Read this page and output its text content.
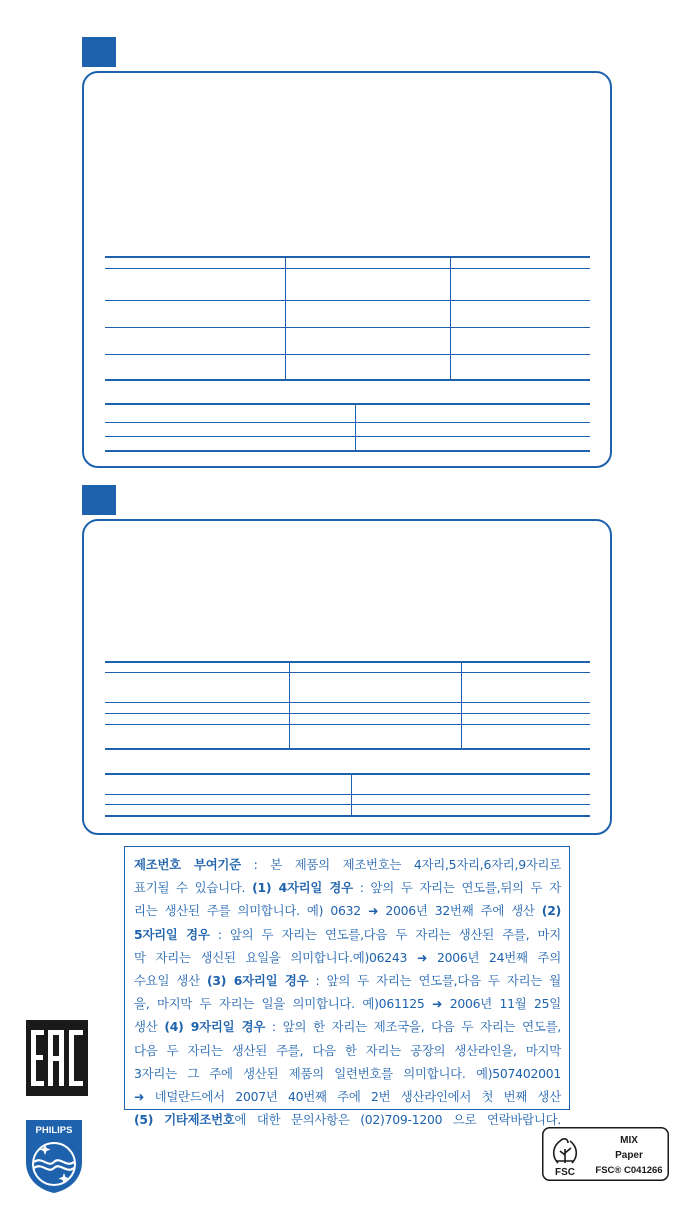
제조번호 부여기준 : 본 제품의 제조번호는 4자리,5자리,6자리,9자리로
표기될 수 있습니다. (1) 4자리일 경우 : 앞의 두 자리는 연도를,뒤의 두 자
리는 생산된 주를 의미합니다. 예) 0632 ➜ 2006년 32번째 주에 생산 (2)
5자리일 경우 : 앞의 두 자리는 연도를,다음 두 자리는 생산된 주를, 마지
막 자리는 생신된 요일을 의미합니다.예)06243 ➜ 2006년 24번째 주의
수요일 생산 (3) 6자리일 경우 : 앞의 두 자리는 연도를,다음 두 자리는 월
을, 마지막 두 자리는 일을 의미합니다. 예)061125 ➜ 2006년 11월 25일
생산 (4) 9자리일 경우 : 앞의 한 자리는 제조국을, 다음 두 자리는 연도를,
다음 두 자리는 생산된 주를, 다음 한 자리는 공장의 생산라인을, 마지막
3자리는 그 주에 생산된 제품의 일련번호를 의미합니다. 예)507402001
➜ 네덜란드에서 2007년 40번째 주에 2번 생산라인에서 첫 번째 생산
(5) 기타제조번호에 대한 문의사항은 (02)709-1200 으로 연락바랍니다.
PHILIPS
FSC
MIX
Paper
FSC® C041266
